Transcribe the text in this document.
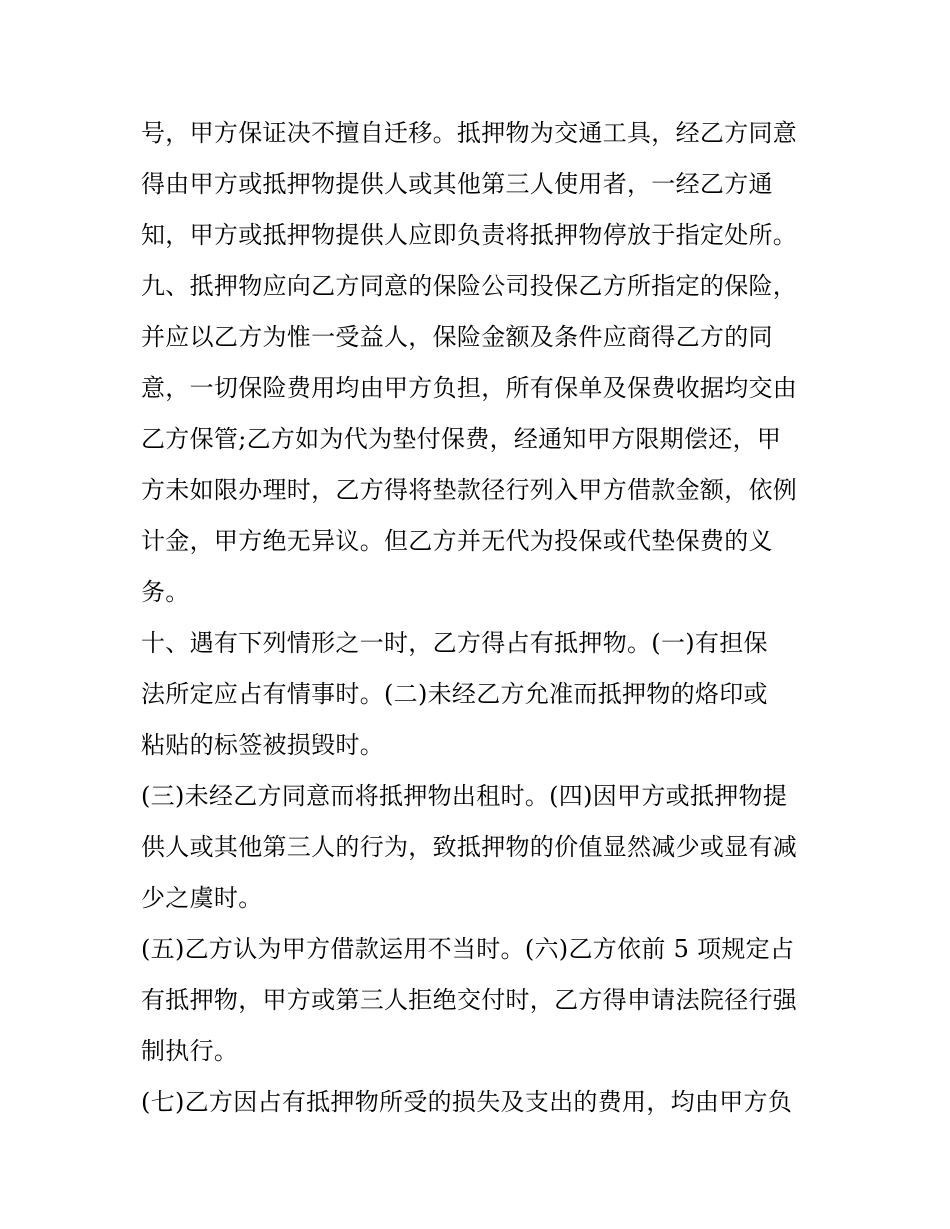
号，甲方保证决不擅自迁移。抵押物为交通工具，经乙方同意
得由甲方或抵押物提供人或其他第三人使用者，一经乙方通
知，甲方或抵押物提供人应即负责将抵押物停放于指定处所。
九、抵押物应向乙方同意的保险公司投保乙方所指定的保险，
并应以乙方为惟一受益人，保险金额及条件应商得乙方的同
意，一切保险费用均由甲方负担，所有保单及保费收据均交由
乙方保管;乙方如为代为垫付保费，经通知甲方限期偿还，甲
方未如限办理时，乙方得将垫款径行列入甲方借款金额，依例
计金，甲方绝无异议。但乙方并无代为投保或代垫保费的义
务。
十、遇有下列情形之一时，乙方得占有抵押物。(一)有担保
法所定应占有情事时。(二)未经乙方允准而抵押物的烙印或
粘贴的标签被损毁时。
(三)未经乙方同意而将抵押物出租时。(四)因甲方或抵押物提
供人或其他第三人的行为，致抵押物的价值显然减少或显有减
少之虞时。
(五)乙方认为甲方借款运用不当时。(六)乙方依前 5 项规定占
有抵押物，甲方或第三人拒绝交付时，乙方得申请法院径行强
制执行。
(七)乙方因占有抵押物所受的损失及支出的费用，均由甲方负
